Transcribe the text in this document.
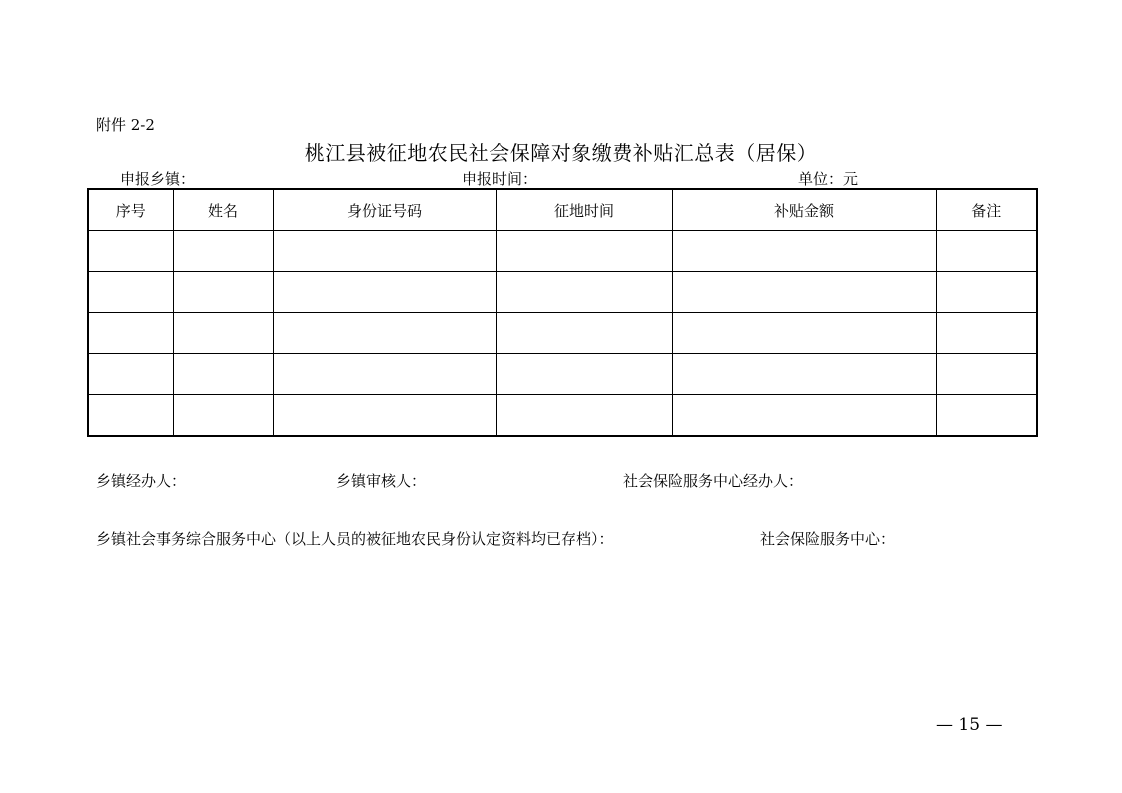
附件 2-2
桃江县被征地农民社会保障对象缴费补贴汇总表（居保）
申报乡镇：	申报时间：	单位：元
序号	姓名	身份证号码	征地时间	补贴金额	备注

乡镇经办人：	乡镇审核人：	社会保险服务中心经办人：
乡镇社会事务综合服务中心（以上人员的被征地农民身份认定资料均已存档）：	社会保险服务中心：
— 15 —
